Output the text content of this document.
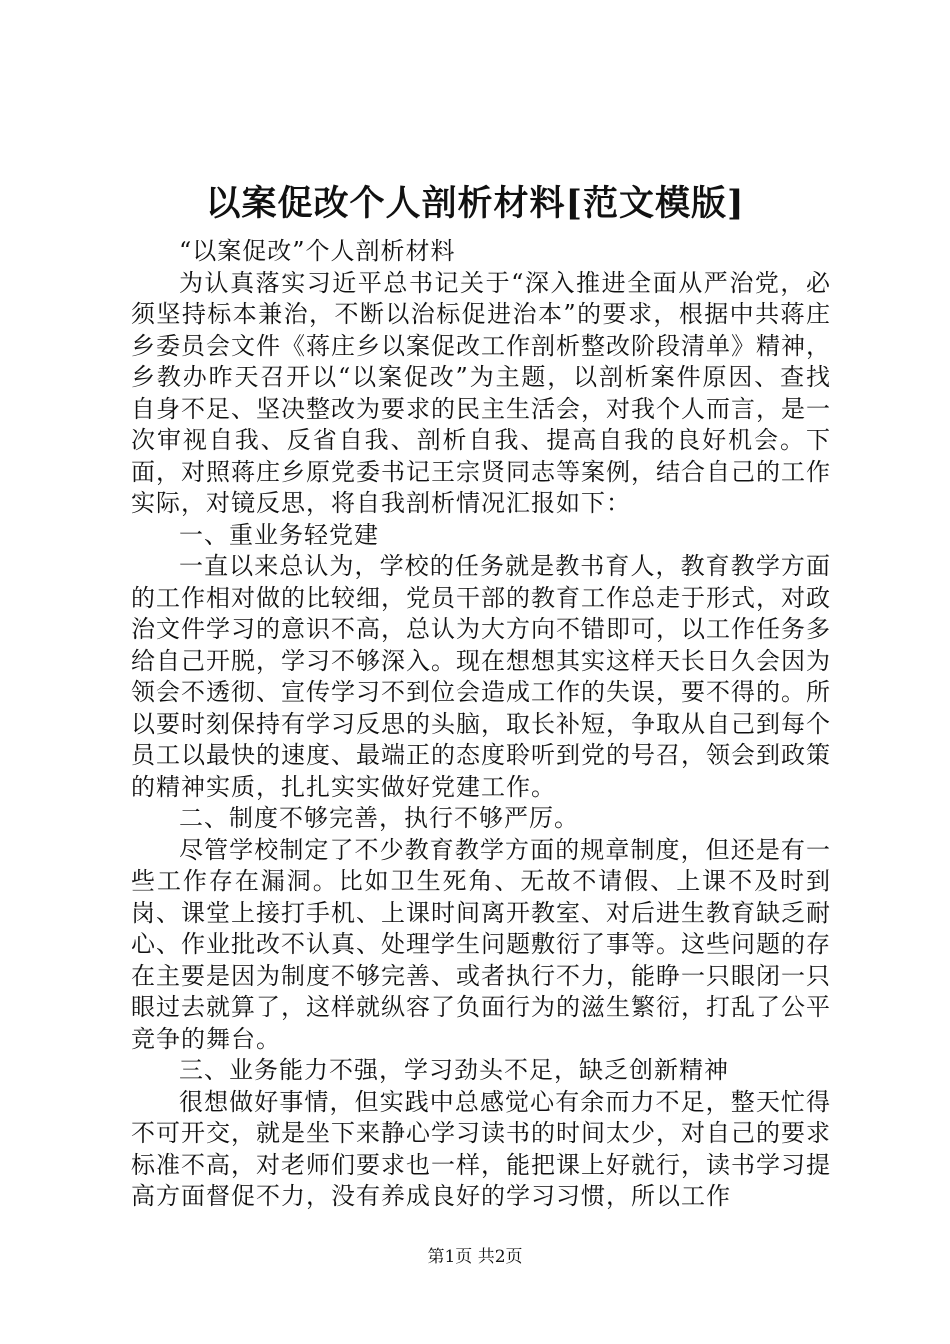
以案促改个人剖析材料[范文模版]

“以案促改”个人剖析材料

为认真落实习近平总书记关于“深入推进全面从严治党，必须坚持标本兼治，不断以治标促进治本”的要求，根据中共蒋庄乡委员会文件《蒋庄乡以案促改工作剖析整改阶段清单》精神，乡教办昨天召开以“以案促改”为主题，以剖析案件原因、查找自身不足、坚决整改为要求的民主生活会，对我个人而言，是一次审视自我、反省自我、剖析自我、提高自我的良好机会。下面，对照蒋庄乡原党委书记王宗贤同志等案例，结合自己的工作实际，对镜反思，将自我剖析情况汇报如下：

一、重业务轻党建

一直以来总认为，学校的任务就是教书育人，教育教学方面的工作相对做的比较细，党员干部的教育工作总走于形式，对政治文件学习的意识不高，总认为大方向不错即可，以工作任务多给自己开脱，学习不够深入。现在想想其实这样天长日久会因为领会不透彻、宣传学习不到位会造成工作的失误，要不得的。所以要时刻保持有学习反思的头脑，取长补短，争取从自己到每个员工以最快的速度、最端正的态度聆听到党的号召，领会到政策的精神实质，扎扎实实做好党建工作。

二、制度不够完善，执行不够严厉。

尽管学校制定了不少教育教学方面的规章制度，但还是有一些工作存在漏洞。比如卫生死角、无故不请假、上课不及时到岗、课堂上接打手机、上课时间离开教室、对后进生教育缺乏耐心、作业批改不认真、处理学生问题敷衍了事等。这些问题的存在主要是因为制度不够完善、或者执行不力，能睁一只眼闭一只眼过去就算了，这样就纵容了负面行为的滋生繁衍，打乱了公平竞争的舞台。

三、业务能力不强，学习劲头不足，缺乏创新精神

很想做好事情，但实践中总感觉心有余而力不足，整天忙得不可开交，就是坐下来静心学习读书的时间太少，对自己的要求标准不高，对老师们要求也一样，能把课上好就行，读书学习提高方面督促不力，没有养成良好的学习习惯，所以工作

第1页 共2页
